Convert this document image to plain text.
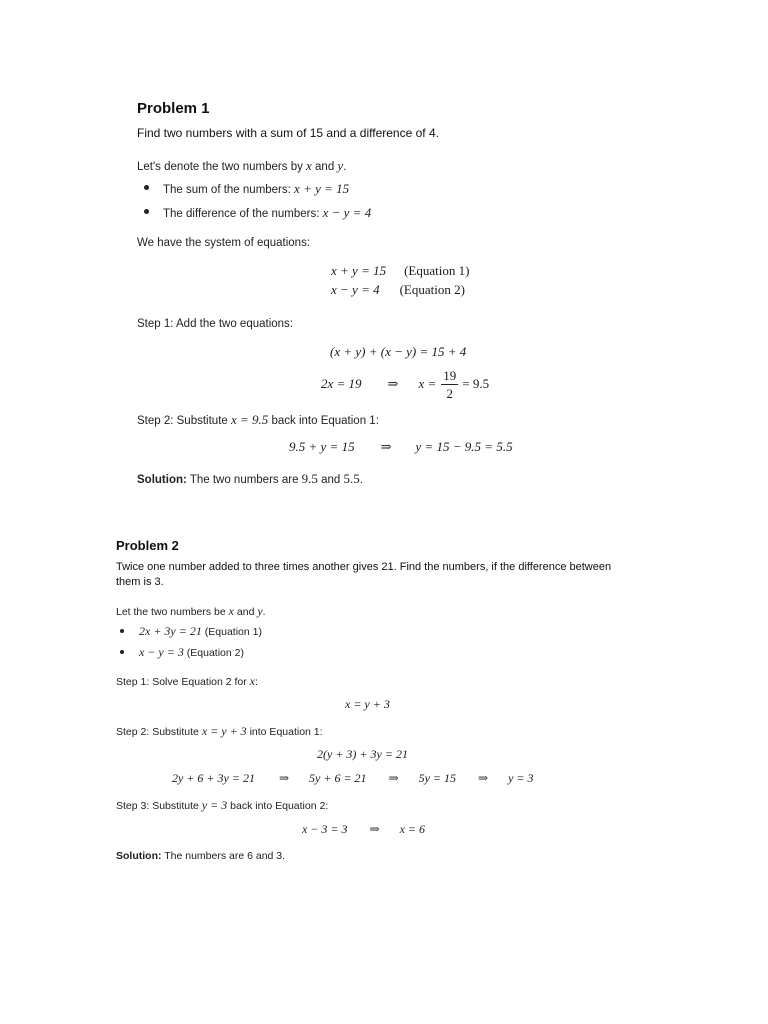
Problem 1
Find two numbers with a sum of 15 and a difference of 4.
Let's denote the two numbers by x and y.
The sum of the numbers: x + y = 15
The difference of the numbers: x − y = 4
We have the system of equations:
x + y = 15 (Equation 1)
x − y = 4 (Equation 2)
Step 1: Add the two equations:
(x + y) + (x − y) = 15 + 4
2x = 19 ⇒ $x = \frac{19}{2} = 9.5$
Step 2: Substitute x = 9.5 back into Equation 1:
9.5 + y = 15 ⇒ y = 15 − 9.5 = 5.5
Solution: The two numbers are 9.5 and 5.5.
Problem 2
Twice one number added to three times another gives 21. Find the numbers, if the difference between them is 3.
Let the two numbers be x and y.
2x + 3y = 21 (Equation 1)
x − y = 3 (Equation 2)
Step 1: Solve Equation 2 for x:
x = y + 3
Step 2: Substitute x = y + 3 into Equation 1:
2(y + 3) + 3y = 21
2y + 6 + 3y = 21 ⇒ 5y + 6 = 21 ⇒ 5y = 15 ⇒ y = 3
Step 3: Substitute y = 3 back into Equation 2:
x − 3 = 3 ⇒ x = 6
Solution: The numbers are 6 and 3.
